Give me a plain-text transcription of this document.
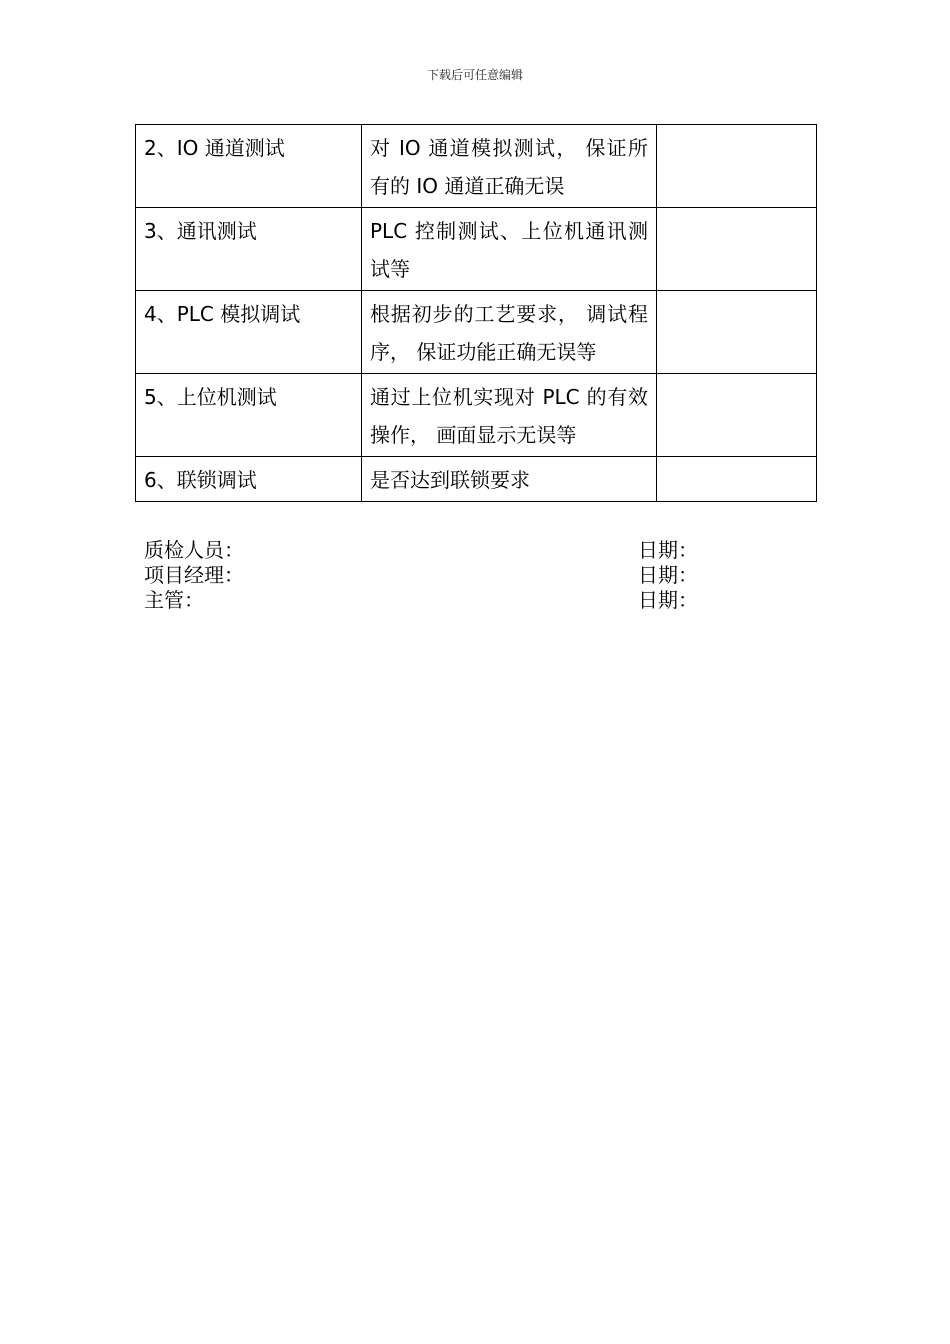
下载后可任意编辑
2、IO 通道测试	对 IO 通道模拟测试， 保证所有的 IO 通道正确无误	
3、通讯测试	PLC 控制测试、上位机通讯测试等	
4、PLC 模拟调试	根据初步的工艺要求， 调试程序， 保证功能正确无误等	
5、上位机测试	通过上位机实现对 PLC 的有效操作， 画面显示无误等	
6、联锁调试	是否达到联锁要求	
质检人员：	日期：
项目经理：	日期：
主管：	日期：
